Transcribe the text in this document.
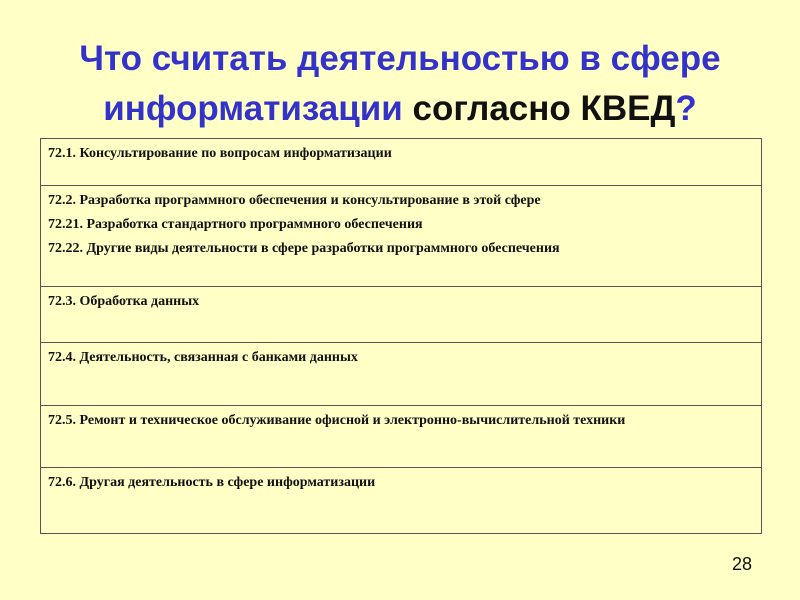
Что считать деятельностью в сфере
информатизации согласно КВЕД?

72.1. Консультирование по вопросам информатизации

72.2. Разработка программного обеспечения и консультирование в этой сфере

72.21. Разработка стандартного программного обеспечения

72.22. Другие виды деятельности в сфере разработки программного обеспечения

72.3. Обработка данных

72.4. Деятельность, связанная с банками данных

72.5. Ремонт и техническое обслуживание офисной и электронно-вычислительной техники

72.6. Другая деятельность в сфере информатизации

28
